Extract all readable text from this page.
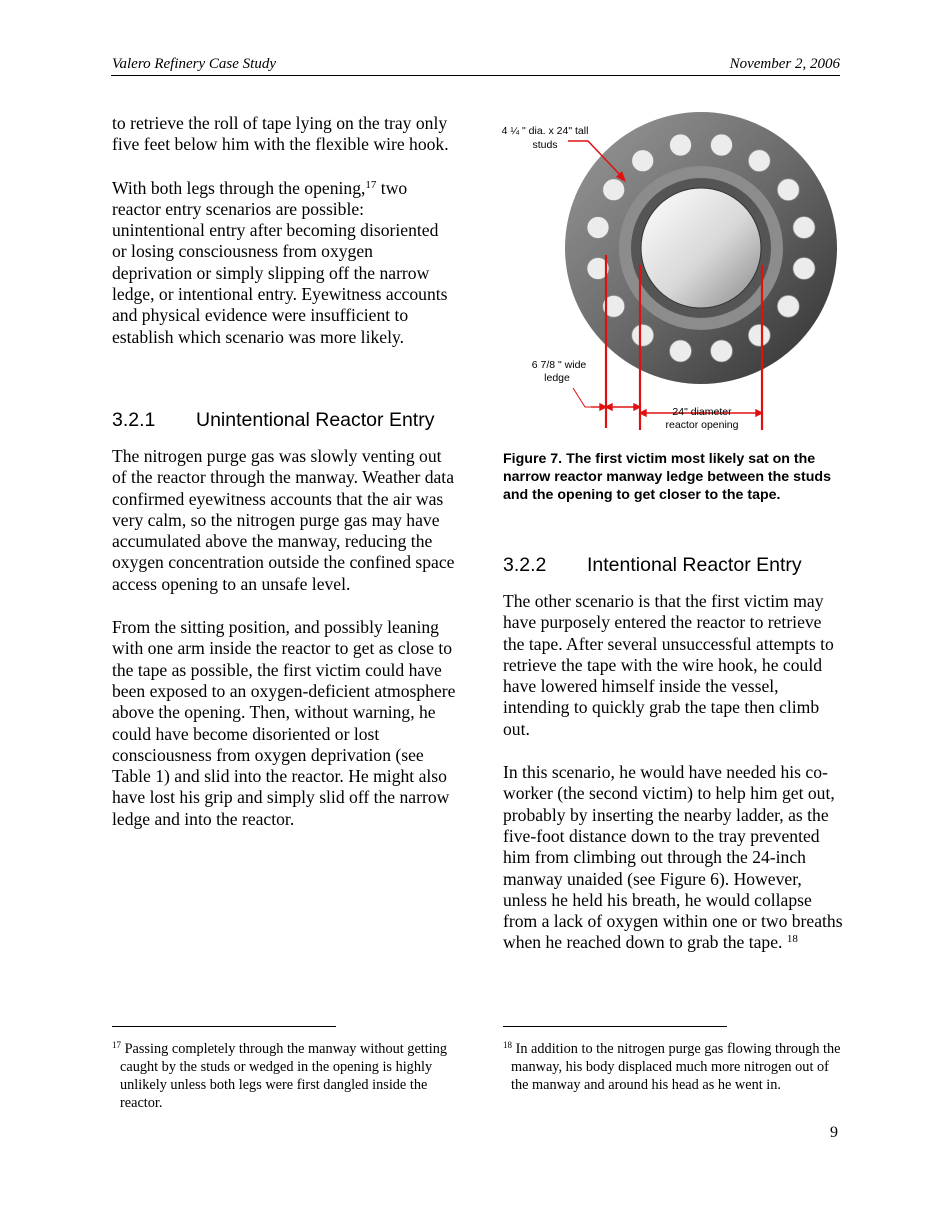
Valero Refinery Case Study	November 2, 2006

to retrieve the roll of tape lying on the tray only five feet below him with the flexible wire hook.

With both legs through the opening,$^{17}$ two reactor entry scenarios are possible: unintentional entry after becoming disoriented or losing consciousness from oxygen deprivation or simply slipping off the narrow ledge, or intentional entry. Eyewitness accounts and physical evidence were insufficient to establish which scenario was more likely.

3.2.1 Unintentional Reactor Entry

The nitrogen purge gas was slowly venting out of the reactor through the manway. Weather data confirmed eyewitness accounts that the air was very calm, so the nitrogen purge gas may have accumulated above the manway, reducing the oxygen concentration outside the confined space access opening to an unsafe level.

From the sitting position, and possibly leaning with one arm inside the reactor to get as close to the tape as possible, the first victim could have been exposed to an oxygen-deficient atmosphere above the opening. Then, without warning, he could have become disoriented or lost consciousness from oxygen deprivation (see Table 1) and slid into the reactor. He might also have lost his grip and simply slid off the narrow ledge and into the reactor.

4 ¼ " dia. x 24" tall studs
6 7/8 " wide ledge
24" diameter reactor opening
Figure 7. The first victim most likely sat on the narrow reactor manway ledge between the studs and the opening to get closer to the tape.
3.2.2 Intentional Reactor Entry

The other scenario is that the first victim may have purposely entered the reactor to retrieve the tape. After several unsuccessful attempts to retrieve the tape with the wire hook, he could have lowered himself inside the vessel, intending to quickly grab the tape then climb out.

In this scenario, he would have needed his co-worker (the second victim) to help him get out, probably by inserting the nearby ladder, as the five-foot distance down to the tray prevented him from climbing out through the 24-inch manway unaided (see Figure 6). However, unless he held his breath, he would collapse from a lack of oxygen within one or two breaths when he reached down to grab the tape. $^{18}$

$^{17}$ Passing completely through the manway without getting caught by the studs or wedged in the opening is highly unlikely unless both legs were first dangled inside the reactor.
$^{18}$ In addition to the nitrogen purge gas flowing through the manway, his body displaced much more nitrogen out of the manway and around his head as he went in.
9
